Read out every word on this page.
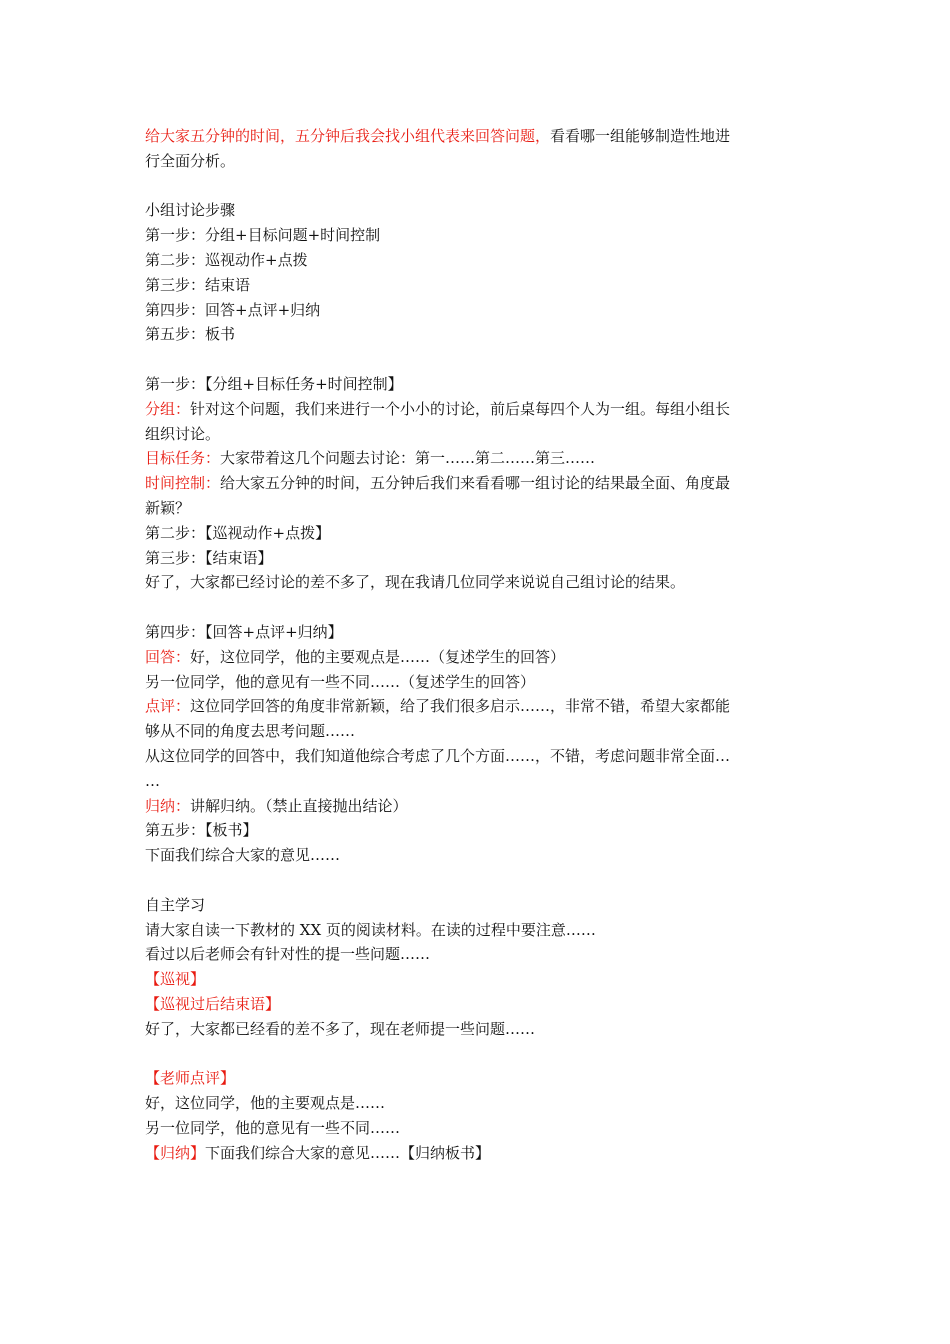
给大家五分钟的时间，五分钟后我会找小组代表来回答问题，看看哪一组能够制造性地进
行全面分析。
小组讨论步骤
第一步：分组+目标问题+时间控制
第二步：巡视动作+点拨
第三步：结束语
第四步：回答+点评+归纳
第五步：板书
第一步：【分组+目标任务+时间控制】
分组：针对这个问题，我们来进行一个小小的讨论，前后桌每四个人为一组。每组小组长
组织讨论。
目标任务：大家带着这几个问题去讨论：第一……第二……第三……
时间控制：给大家五分钟的时间，五分钟后我们来看看哪一组讨论的结果最全面、角度最
新颖？
第二步：【巡视动作+点拨】
第三步：【结束语】
好了，大家都已经讨论的差不多了，现在我请几位同学来说说自己组讨论的结果。
第四步：【回答+点评+归纳】
回答：好，这位同学，他的主要观点是……（复述学生的回答）
另一位同学，他的意见有一些不同……（复述学生的回答）
点评：这位同学回答的角度非常新颖，给了我们很多启示……，非常不错，希望大家都能
够从不同的角度去思考问题……
从这位同学的回答中，我们知道他综合考虑了几个方面……，不错，考虑问题非常全面…
…
归纳：讲解归纳。（禁止直接抛出结论）
第五步：【板书】
下面我们综合大家的意见……
自主学习
请大家自读一下教材的 XX 页的阅读材料。在读的过程中要注意……
看过以后老师会有针对性的提一些问题……
【巡视】
【巡视过后结束语】
好了，大家都已经看的差不多了，现在老师提一些问题……
【老师点评】
好，这位同学，他的主要观点是……
另一位同学，他的意见有一些不同……
【归纳】下面我们综合大家的意见……【归纳板书】
